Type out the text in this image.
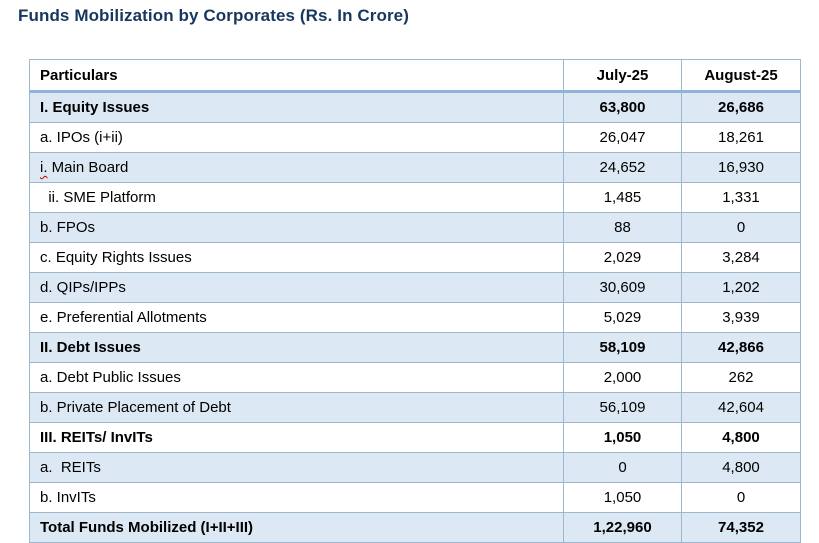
Funds Mobilization by Corporates (Rs. In Crore)
Particulars	July-25	August-25
I. Equity Issues	63,800	26,686
a. IPOs (i+ii)	26,047	18,261
i. Main Board	24,652	16,930
ii. SME Platform	1,485	1,331
b. FPOs	88	0
c. Equity Rights Issues	2,029	3,284
d. QIPs/IPPs	30,609	1,202
e. Preferential Allotments	5,029	3,939
II. Debt Issues	58,109	42,866
a. Debt Public Issues	2,000	262
b. Private Placement of Debt	56,109	42,604
III. REITs/ InvITs	1,050	4,800
a.  REITs	0	4,800
b. InvITs	1,050	0
Total Funds Mobilized (I+II+III)	1,22,960	74,352
